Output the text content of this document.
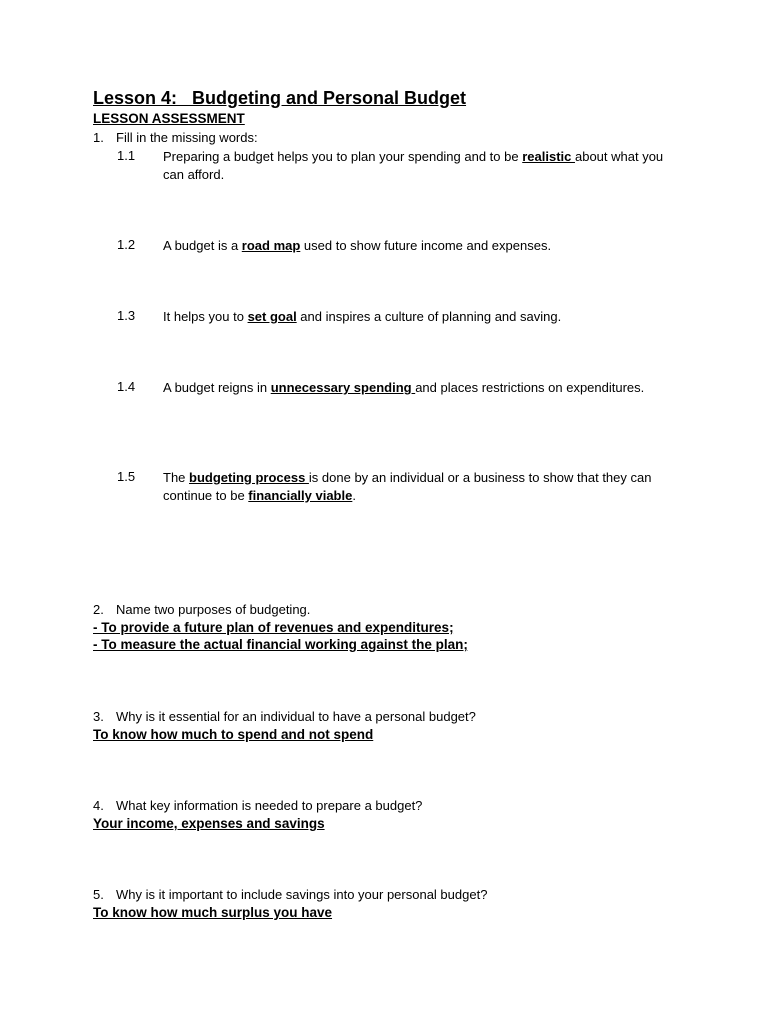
Lesson 4:   Budgeting and Personal Budget
LESSON ASSESSMENT
1. Fill in the missing words:
1.1 Preparing a budget helps you to plan your spending and to be realistic about what you can afford.
1.2 A budget is a road map used to show future income and expenses.
1.3 It helps you to set goal and inspires a culture of planning and saving.
1.4 A budget reigns in unnecessary spending and places restrictions on expenditures.
1.5 The budgeting process is done by an individual or a business to show that they can continue to be financially viable.
2. Name two purposes of budgeting.
- To provide a future plan of revenues and expenditures;
- To measure the actual financial working against the plan;
3. Why is it essential for an individual to have a personal budget?
To know how much to spend and not spend
4. What key information is needed to prepare a budget?
Your income, expenses and savings
5. Why is it important to include savings into your personal budget?
To know how much surplus you have
